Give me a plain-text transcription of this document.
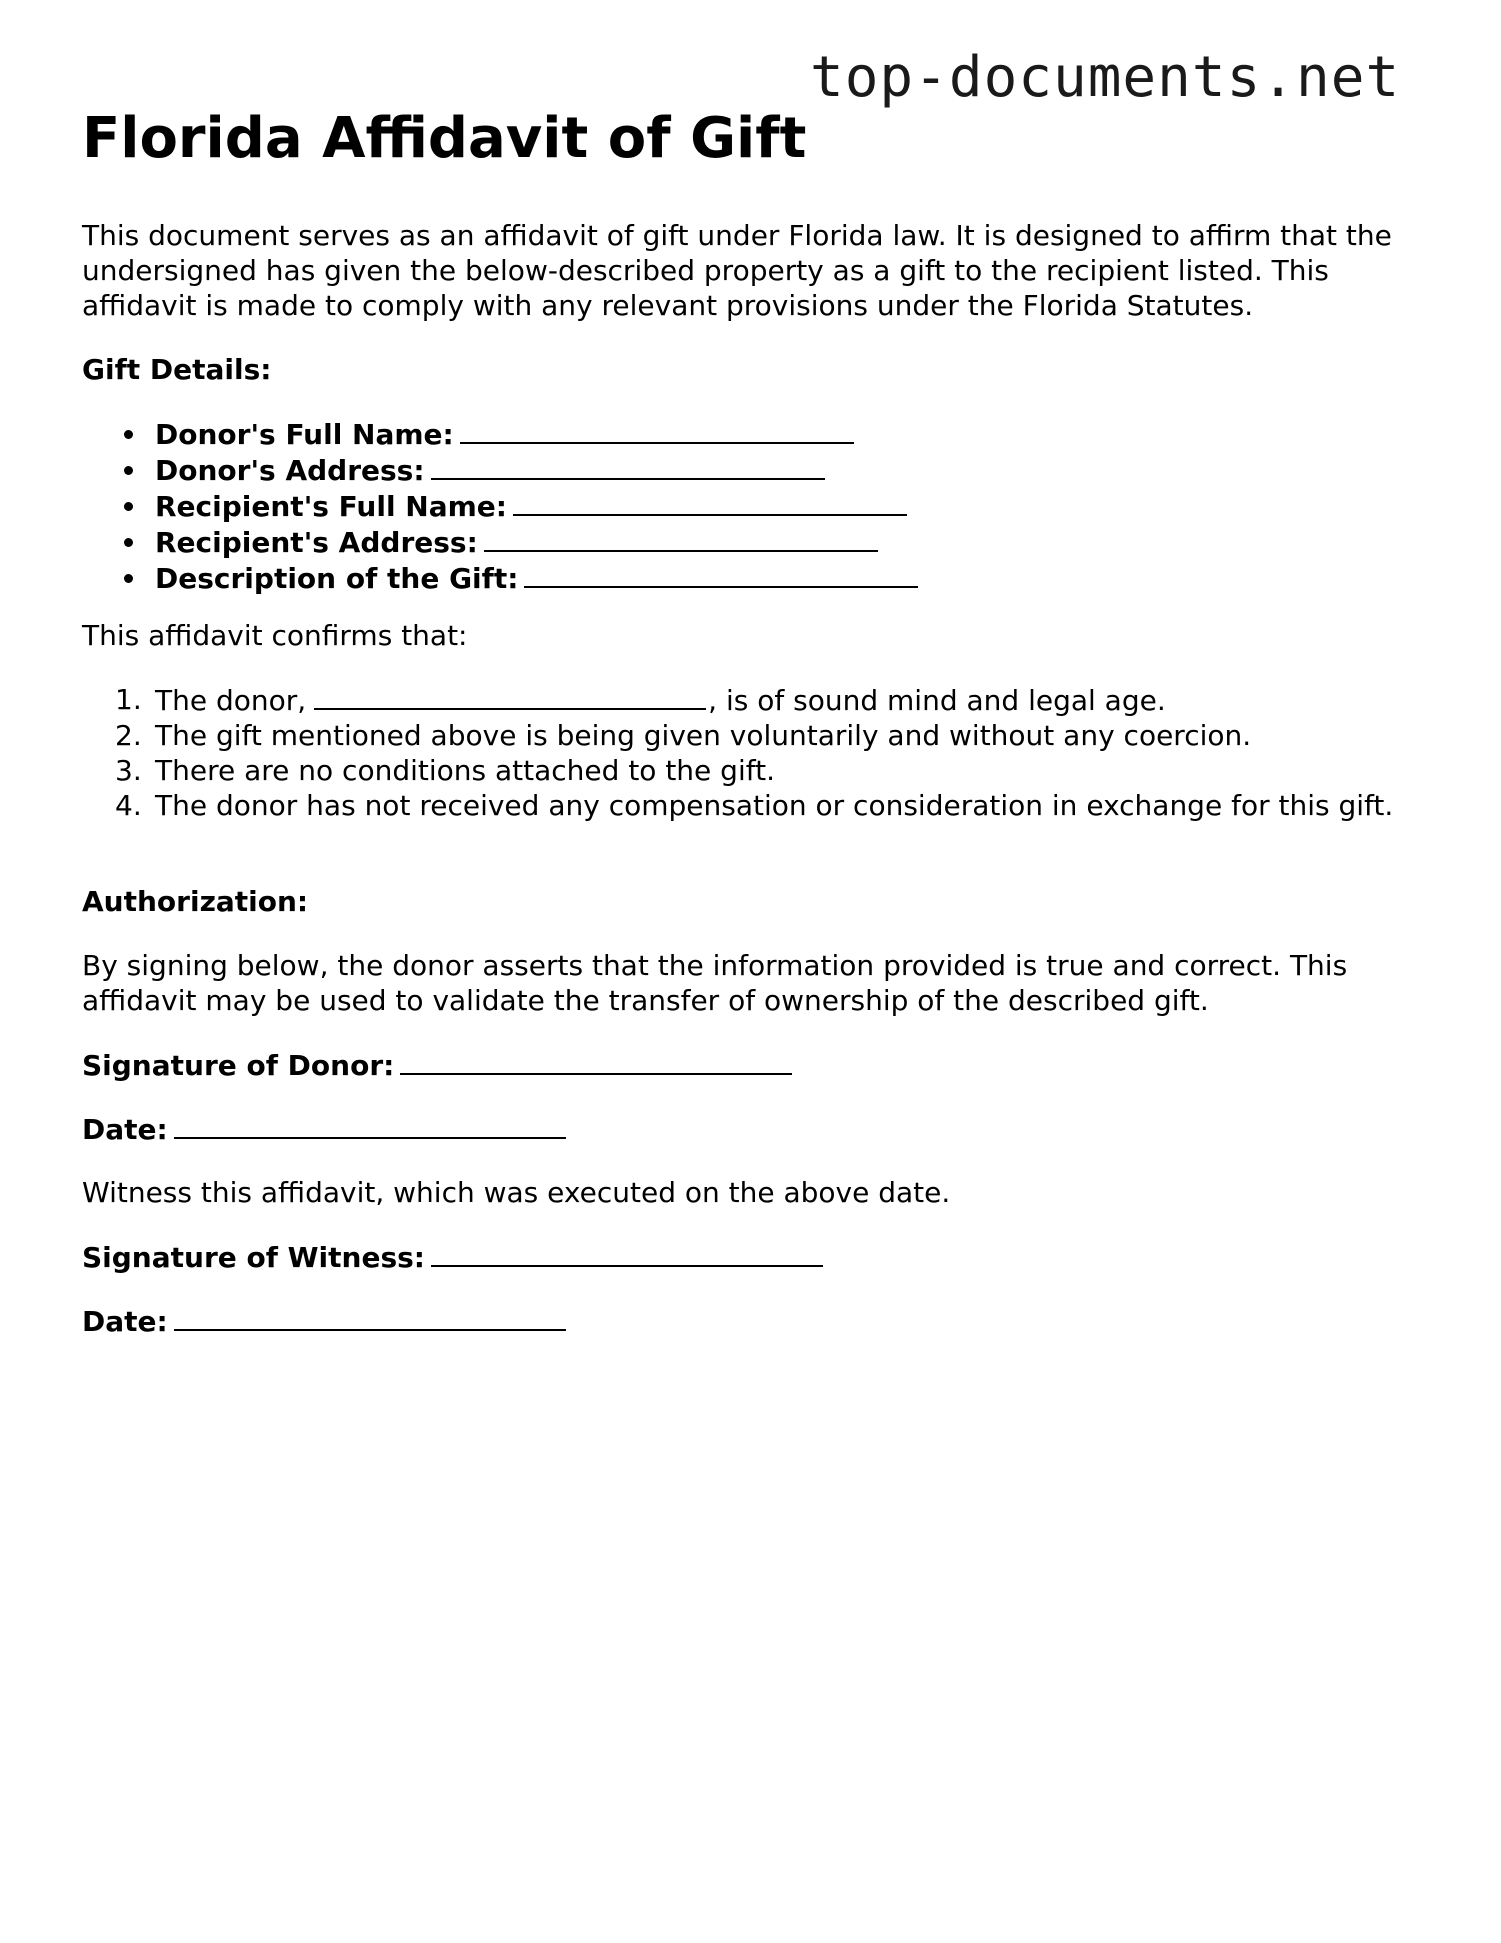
top-documents.net
Florida Affidavit of Gift

This document serves as an affidavit of gift under Florida law. It is designed to affirm that the undersigned has given the below-described property as a gift to the recipient listed. This affidavit is made to comply with any relevant provisions under the Florida Statutes.

Gift Details:

Donor's Full Name:
Donor's Address:
Recipient's Full Name:
Recipient's Address:
Description of the Gift:

This affidavit confirms that:

1. The donor,	, is of sound mind and legal age.
2. The gift mentioned above is being given voluntarily and without any coercion.
3. There are no conditions attached to the gift.
4. The donor has not received any compensation or consideration in exchange for this gift.

Authorization:

By signing below, the donor asserts that the information provided is true and correct. This affidavit may be used to validate the transfer of ownership of the described gift.

Signature of Donor:

Date:

Witness this affidavit, which was executed on the above date.

Signature of Witness:

Date:
